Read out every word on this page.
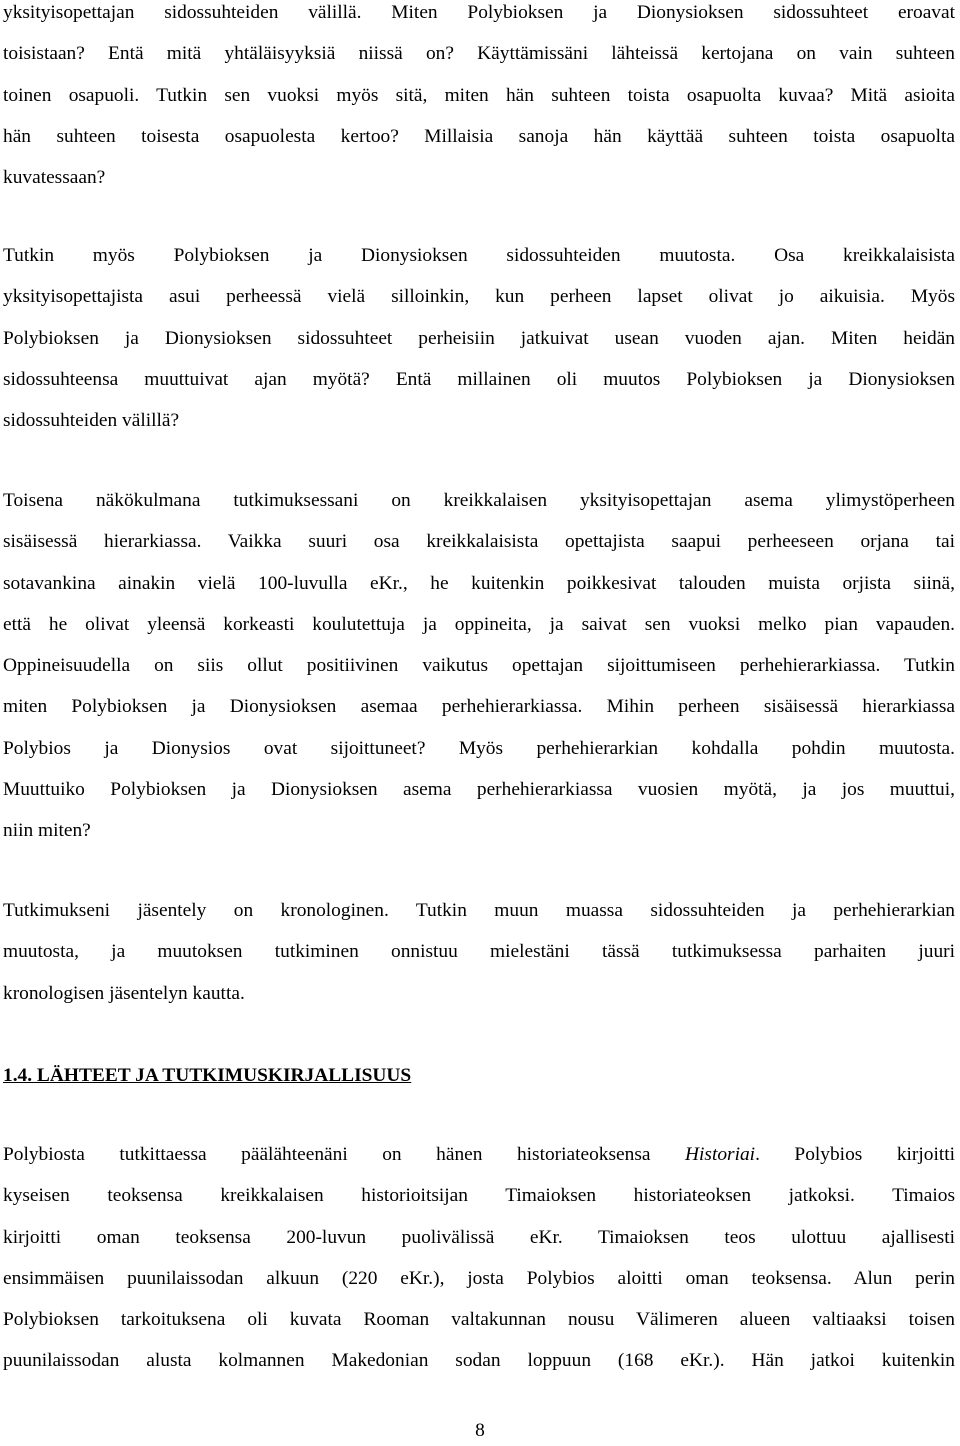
yksityisopettajan sidossuhteiden välillä. Miten Polybioksen ja Dionysioksen sidossuhteet eroavat
toisistaan? Entä mitä yhtäläisyyksiä niissä on? Käyttämissäni lähteissä kertojana on vain suhteen
toinen osapuoli. Tutkin sen vuoksi myös sitä, miten hän suhteen toista osapuolta kuvaa? Mitä asioita
hän suhteen toisesta osapuolesta kertoo? Millaisia sanoja hän käyttää suhteen toista osapuolta
kuvatessaan?
Tutkin myös Polybioksen ja Dionysioksen sidossuhteiden muutosta. Osa kreikkalaisista
yksityisopettajista asui perheessä vielä silloinkin, kun perheen lapset olivat jo aikuisia. Myös
Polybioksen ja Dionysioksen sidossuhteet perheisiin jatkuivat usean vuoden ajan. Miten heidän
sidossuhteensa muuttuivat ajan myötä? Entä millainen oli muutos Polybioksen ja Dionysioksen
sidossuhteiden välillä?
Toisena näkökulmana tutkimuksessani on kreikkalaisen yksityisopettajan asema ylimystöperheen
sisäisessä hierarkiassa. Vaikka suuri osa kreikkalaisista opettajista saapui perheeseen orjana tai
sotavankina ainakin vielä 100-luvulla eKr., he kuitenkin poikkesivat talouden muista orjista siinä,
että he olivat yleensä korkeasti koulutettuja ja oppineita, ja saivat sen vuoksi melko pian vapauden.
Oppineisuudella on siis ollut positiivinen vaikutus opettajan sijoittumiseen perhehierarkiassa. Tutkin
miten Polybioksen ja Dionysioksen asemaa perhehierarkiassa. Mihin perheen sisäisessä hierarkiassa
Polybios ja Dionysios ovat sijoittuneet? Myös perhehierarkian kohdalla pohdin muutosta.
Muuttuiko Polybioksen ja Dionysioksen asema perhehierarkiassa vuosien myötä, ja jos muuttui,
niin miten?
Tutkimukseni jäsentely on kronologinen. Tutkin muun muassa sidossuhteiden ja perhehierarkian
muutosta, ja muutoksen tutkiminen onnistuu mielestäni tässä tutkimuksessa parhaiten juuri
kronologisen jäsentelyn kautta.
1.4. LÄHTEET JA TUTKIMUSKIRJALLISUUS
Polybiosta tutkittaessa päälähteenäni on hänen historiateoksensa Historiai. Polybios kirjoitti
kyseisen teoksensa kreikkalaisen historioitsijan Timaioksen historiateoksen jatkoksi. Timaios
kirjoitti oman teoksensa 200-luvun puolivälissä eKr. Timaioksen teos ulottuu ajallisesti
ensimmäisen puunilaissodan alkuun (220 eKr.), josta Polybios aloitti oman teoksensa. Alun perin
Polybioksen tarkoituksena oli kuvata Rooman valtakunnan nousu Välimeren alueen valtiaaksi toisen
puunilaissodan alusta kolmannen Makedonian sodan loppuun (168 eKr.). Hän jatkoi kuitenkin
8
